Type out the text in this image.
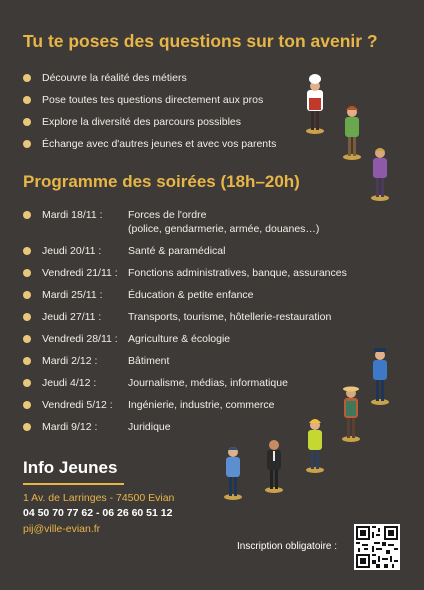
Tu te poses des questions sur ton avenir ?
Découvre la réalité des métiers
Pose toutes tes questions directement aux pros
Explore la diversité des parcours possibles
Échange avec d'autres jeunes et avec vos parents
Programme des soirées (18h–20h)
Mardi 18/11 :	Forces de l'ordre
(police, gendarmerie, armée, douanes…)
Jeudi 20/11 :	Santé & paramédical
Vendredi 21/11 : Fonctions administratives, banque, assurances
Mardi 25/11 :	Éducation & petite enfance
Jeudi 27/11 :	Transports, tourisme, hôtellerie-restauration
Vendredi 28/11 : Agriculture & écologie
Mardi 2/12 :	Bâtiment
Jeudi 4/12 :	Journalisme, médias, informatique
Vendredi 5/12 :	Ingénierie, industrie, commerce
Mardi 9/12 :	Juridique
Info Jeunes
1 Av. de Larringes - 74500 Evian
04 50 70 77 62 - 06 26 60 51 12
pij@ville-evian.fr
Inscription obligatoire :
